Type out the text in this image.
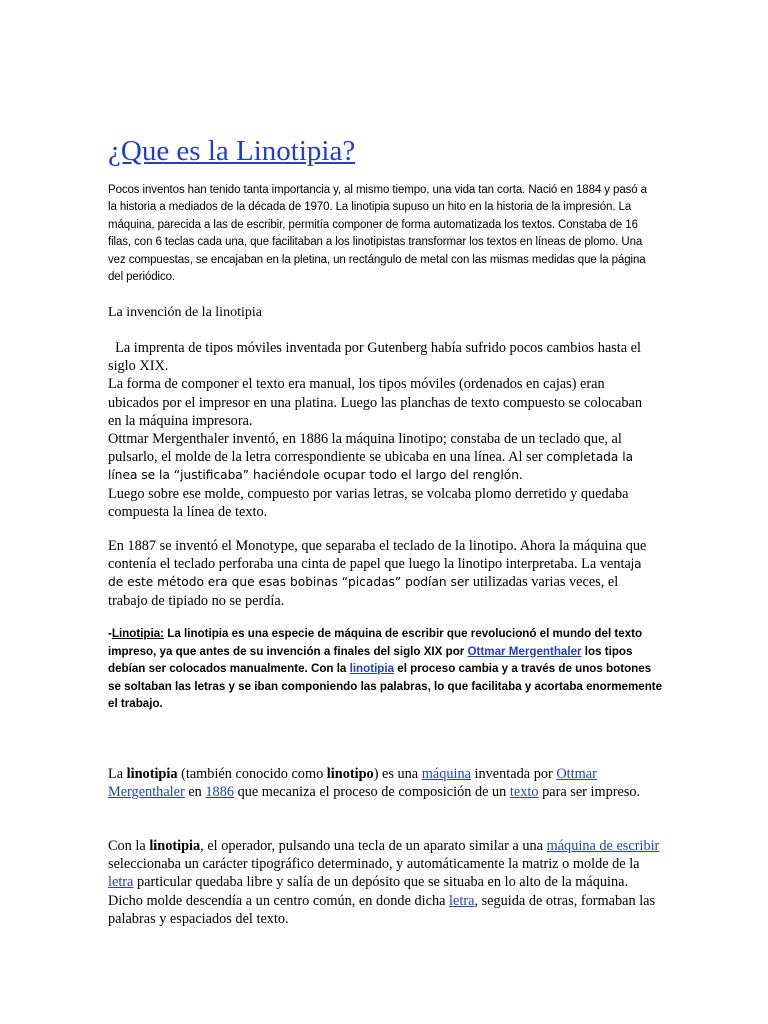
¿Que es la Linotipia?

Pocos inventos han tenido tanta importancia y, al mismo tiempo, una vida tan corta. Nació en 1884 y pasó a la historia a mediados de la década de 1970. La linotipia supuso un hito en la historia de la impresión. La máquina, parecida a las de escribir, permitía componer de forma automatizada los textos. Constaba de 16 filas, con 6 teclas cada una, que facilitaban a los linotipistas transformar los textos en líneas de plomo. Una vez compuestas, se encajaban en la pletina, un rectángulo de metal con las mismas medidas que la página del periódico.

La invención de la linotipia

La imprenta de tipos móviles inventada por Gutenberg había sufrido pocos cambios hasta el siglo XIX.
La forma de componer el texto era manual, los tipos móviles (ordenados en cajas) eran ubicados por el impresor en una platina. Luego las planchas de texto compuesto se colocaban en la máquina impresora.
Ottmar Mergenthaler inventó, en 1886 la máquina linotipo; constaba de un teclado que, al pulsarlo, el molde de la letra correspondiente se ubicaba en una línea. Al ser completada la línea se la “justificaba” haciéndole ocupar todo el largo del renglón.
Luego sobre ese molde, compuesto por varias letras, se volcaba plomo derretido y quedaba compuesta la línea de texto.

En 1887 se inventó el Monotype, que separaba el teclado de la linotipo. Ahora la máquina que contenía el teclado perforaba una cinta de papel que luego la linotipo interpretaba. La ventaja de este método era que esas bobinas “picadas” podían ser utilizadas varias veces, el trabajo de tipiado no se perdía.

-Linotipia: La linotipia es una especie de máquina de escribir que revolucionó el mundo del texto impreso, ya que antes de su invención a finales del siglo XIX por Ottmar Mergenthaler los tipos debían ser colocados manualmente. Con la linotipia el proceso cambia y a través de unos botones se soltaban las letras y se iban componiendo las palabras, lo que facilitaba y acortaba enormemente el trabajo.

La linotipia (también conocido como linotipo) es una máquina inventada por Ottmar Mergenthaler en 1886 que mecaniza el proceso de composición de un texto para ser impreso.

Con la linotipia, el operador, pulsando una tecla de un aparato similar a una máquina de escribir seleccionaba un carácter tipográfico determinado, y automáticamente la matriz o molde de la letra particular quedaba libre y salía de un depósito que se situaba en lo alto de la máquina. Dicho molde descendía a un centro común, en donde dicha letra, seguida de otras, formaban las palabras y espaciados del texto.
